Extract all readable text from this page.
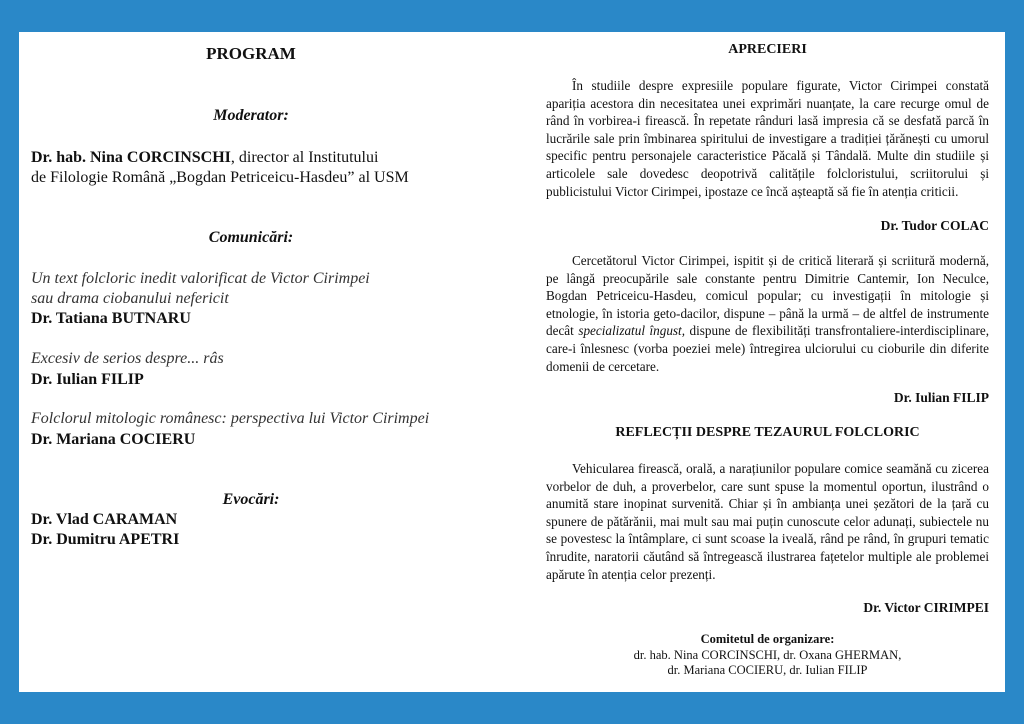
PROGRAM
Moderator:
Dr. hab. Nina CORCINSCHI, director al Institutului
de Filologie Română „Bogdan Petriceicu-Hasdeu” al USM
Comunicări:
Un text folcloric inedit valorificat de Victor Cirimpei
sau drama ciobanului nefericit
Dr. Tatiana BUTNARU
Excesiv de serios despre... râs
Dr. Iulian FILIP
Folclorul mitologic românesc: perspectiva lui Victor Cirimpei
Dr. Mariana COCIERU
Evocări:
Dr. Vlad CARAMAN
Dr. Dumitru APETRI
APRECIERI
În studiile despre expresiile populare figurate, Victor Cirimpei constată apariția acestora din necesitatea unei exprimări nuanțate, la care recurge omul de rând în vorbirea-i firească. În repetate rânduri lasă impresia că se desfată parcă în lucrările sale prin îmbinarea spiritului de investigare a tradiției țărănești cu umorul specific pentru personajele caracteristice Păcală și Tândală. Multe din studiile și articolele sale dovedesc deopotrivă calitățile folcloristului, scriitorului și publicistului Victor Cirimpei, ipostaze ce încă așteaptă să fie în atenția criticii.
Dr. Tudor COLAC
Cercetătorul Victor Cirimpei, ispitit și de critică literară și scriitură modernă, pe lângă preocupările sale constante pentru Dimitrie Cantemir, Ion Neculce, Bogdan Petriceicu-Hasdeu, comicul popular; cu investigații în mitologie și etnologie, în istoria geto-dacilor, dispune – până la urmă – de altfel de instrumente decât specializatul îngust, dispune de flexibilități transfrontaliere-interdisciplinare, care-i înlesnesc (vorba poeziei mele) întregirea ulciorului cu cioburile din diferite domenii de cercetare.
Dr. Iulian FILIP
REFLECȚII DESPRE TEZAURUL FOLCLORIC
Vehicularea firească, orală, a narațiunilor populare comice seamănă cu zicerea vorbelor de duh, a proverbelor, care sunt spuse la momentul oportun, ilustrând o anumită stare inopinat survenită. Chiar și în ambianța unei șezători de la țară cu spunere de pătărănii, mai mult sau mai puțin cunoscute celor adunați, subiectele nu se povestesc la întâmplare, ci sunt scoase la iveală, rând pe rând, în grupuri tematic înrudite, naratorii căutând să întregească ilustrarea fațetelor multiple ale problemei apărute în atenția celor prezenți.
Dr. Victor CIRIMPEI
Comitetul de organizare:
dr. hab. Nina CORCINSCHI, dr. Oxana GHERMAN,
dr. Mariana COCIERU, dr. Iulian FILIP
